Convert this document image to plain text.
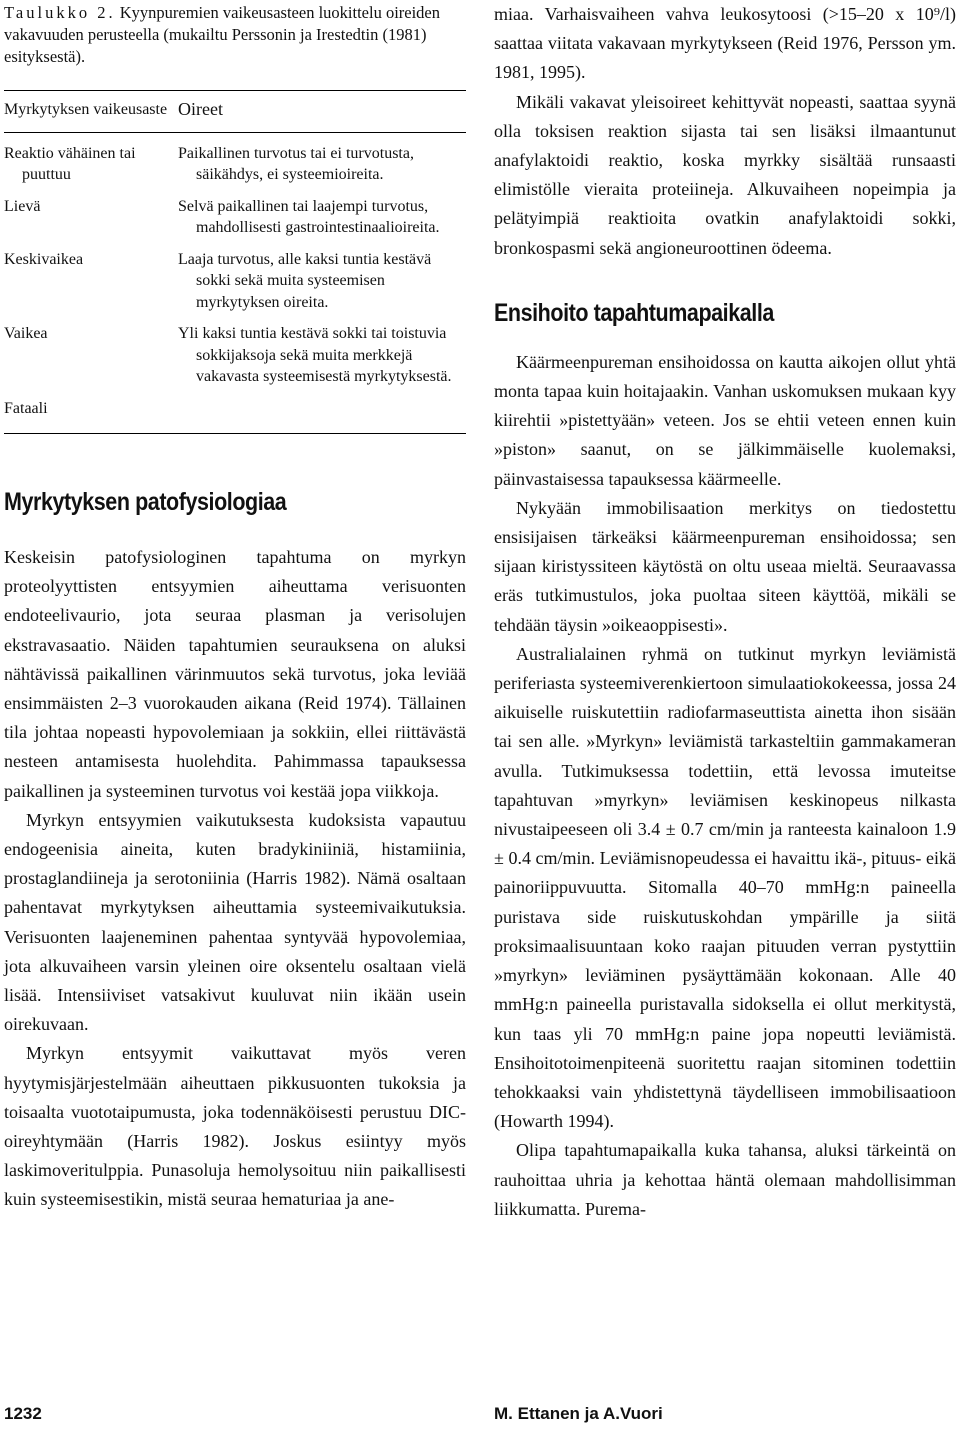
Taulukko 2. Kyynpuremien vaikeusasteen luokittelu oireiden vakavuuden perusteella (mukailtu Perssonin ja Irestedtin (1981) esityksestä).

Myrkytyksen vaikeusaste	Oireet

Reaktio vähäinen tai puuttuu	Paikallinen turvotus tai ei turvotusta, säikähdys, ei systeemioireita.

Lievä	Selvä paikallinen tai laajempi turvotus, mahdollisesti gastrointestinaalioireita.

Keskivaikea	Laaja turvotus, alle kaksi tuntia kestävä sokki sekä muita systeemisen myrkytyksen oireita.

Vaikea	Yli kaksi tuntia kestävä sokki tai toistuvia sokkijaksoja sekä muita merkkejä vakavasta systeemisestä myrkytyksestä.

Fataali	

Myrkytyksen patofysiologiaa

Keskeisin patofysiologinen tapahtuma on myrkyn proteolyyttisten entsyymien aiheuttama verisuonten endoteelivaurio, jota seuraa plasman ja verisolujen ekstravasaatio. Näiden tapahtumien seurauksena on aluksi nähtävissä paikallinen värinmuutos sekä turvotus, joka leviää ensimmäisten 2–3 vuorokauden aikana (Reid 1974). Tällainen tila johtaa nopeasti hypovolemiaan ja sokkiin, ellei riittävästä nesteen antamisesta huolehdita. Pahimmassa tapauksessa paikallinen ja systeeminen turvotus voi kestää jopa viikkoja.

Myrkyn entsyymien vaikutuksesta kudoksista vapautuu endogeenisia aineita, kuten bradykiniiniä, histamiinia, prostaglandiineja ja serotoniinia (Harris 1982). Nämä osaltaan pahentavat myrkytyksen aiheuttamia systeemivaikutuksia. Verisuonten laajeneminen pahentaa syntyvää hypovolemiaa, jota alkuvaiheen varsin yleinen oire oksentelu osaltaan vielä lisää. Intensiiviset vatsakivut kuuluvat niin ikään usein oirekuvaan.

Myrkyn entsyymit vaikuttavat myös veren hyytymisjärjestelmään aiheuttaen pikkusuonten tukoksia ja toisaalta vuototaipumusta, joka todennäköisesti perustuu DIC-oireyhtymään (Harris 1982). Joskus esiintyy myös laskimoveritulppia. Punasoluja hemolysoituu niin paikallisesti kuin systeemisestikin, mistä seuraa hematuriaa ja ane-

miaa. Varhaisvaiheen vahva leukosytoosi (>15–20 x 10⁹/l) saattaa viitata vakavaan myrkytykseen (Reid 1976, Persson ym. 1981, 1995).

Mikäli vakavat yleisoireet kehittyvät nopeasti, saattaa syynä olla toksisen reaktion sijasta tai sen lisäksi ilmaantunut anafylaktoidi reaktio, koska myrkky sisältää runsaasti elimistölle vieraita proteiineja. Alkuvaiheen nopeimpia ja pelätyimpiä reaktioita ovatkin anafylaktoidi sokki, bronkospasmi sekä angioneuroottinen ödeema.

Ensihoito tapahtumapaikalla

Käärmeenpureman ensihoidossa on kautta aikojen ollut yhtä monta tapaa kuin hoitajaakin. Vanhan uskomuksen mukaan kyy kiirehtii »pistettyään» veteen. Jos se ehtii veteen ennen kuin »piston» saanut, on se jälkimmäiselle kuolemaksi, päinvastaisessa tapauksessa käärmeelle.

Nykyään immobilisaation merkitys on tiedostettu ensisijaisen tärkeäksi käärmeenpureman ensihoidossa; sen sijaan kiristyssiteen käytöstä on oltu useaa mieltä. Seuraavassa eräs tutkimustulos, joka puoltaa siteen käyttöä, mikäli se tehdään täysin »oikeaoppisesti».

Australialainen ryhmä on tutkinut myrkyn leviämistä periferiasta systeemiverenkiertoon simulaatiokokeessa, jossa 24 aikuiselle ruiskutettiin radiofarmaseuttista ainetta ihon sisään tai sen alle. »Myrkyn» leviämistä tarkasteltiin gammakameran avulla. Tutkimuksessa todettiin, että levossa imuteitse tapahtuvan »myrkyn» leviämisen keskinopeus nilkasta nivustaipeeseen oli 3.4 ± 0.7 cm/min ja ranteesta kainaloon 1.9 ± 0.4 cm/min. Leviämisnopeudessa ei havaittu ikä-, pituus- eikä painoriippuvuutta. Sitomalla 40–70 mmHg:n paineella puristava side ruiskutuskohdan ympärille ja siitä proksimaalisuuntaan koko raajan pituuden verran pystyttiin »myrkyn» leviäminen pysäyttämään kokonaan. Alle 40 mmHg:n paineella puristavalla sidoksella ei ollut merkitystä, kun taas yli 70 mmHg:n paine jopa nopeutti leviämistä. Ensihoitotoimenpiteenä suoritettu raajan sitominen todettiin tehokkaaksi vain yhdistettynä täydelliseen immobilisaatioon (Howarth 1994).

Olipa tapahtumapaikalla kuka tahansa, aluksi tärkeintä on rauhoittaa uhria ja kehottaa häntä olemaan mahdollisimman liikkumatta. Purema-

1232	M. Ettanen ja A.Vuori
